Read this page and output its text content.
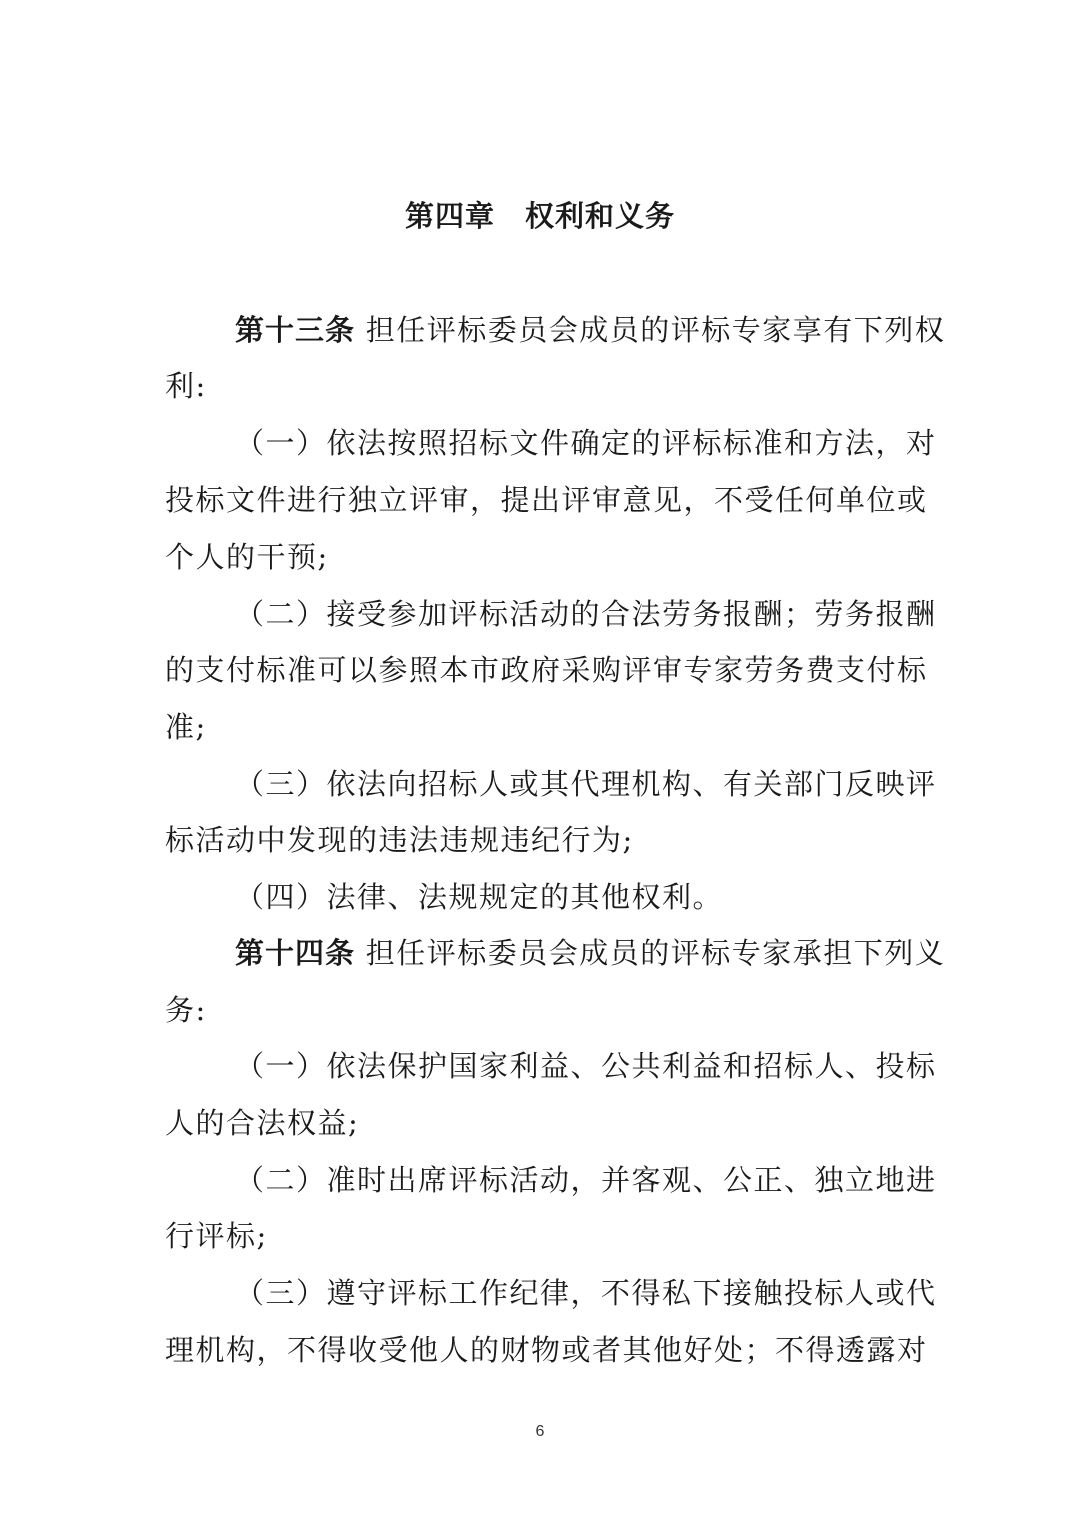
第四章　权利和义务
第十三条 担任评标委员会成员的评标专家享有下列权
利:
（一）依法按照招标文件确定的评标标准和方法，对
投标文件进行独立评审，提出评审意见，不受任何单位或
个人的干预;
（二）接受参加评标活动的合法劳务报酬；劳务报酬
的支付标准可以参照本市政府采购评审专家劳务费支付标
准;
（三）依法向招标人或其代理机构、有关部门反映评
标活动中发现的违法违规违纪行为;
（四）法律、法规规定的其他权利。
第十四条 担任评标委员会成员的评标专家承担下列义
务:
（一）依法保护国家利益、公共利益和招标人、投标
人的合法权益;
（二）准时出席评标活动，并客观、公正、独立地进
行评标;
（三）遵守评标工作纪律，不得私下接触投标人或代
理机构，不得收受他人的财物或者其他好处；不得透露对
6
